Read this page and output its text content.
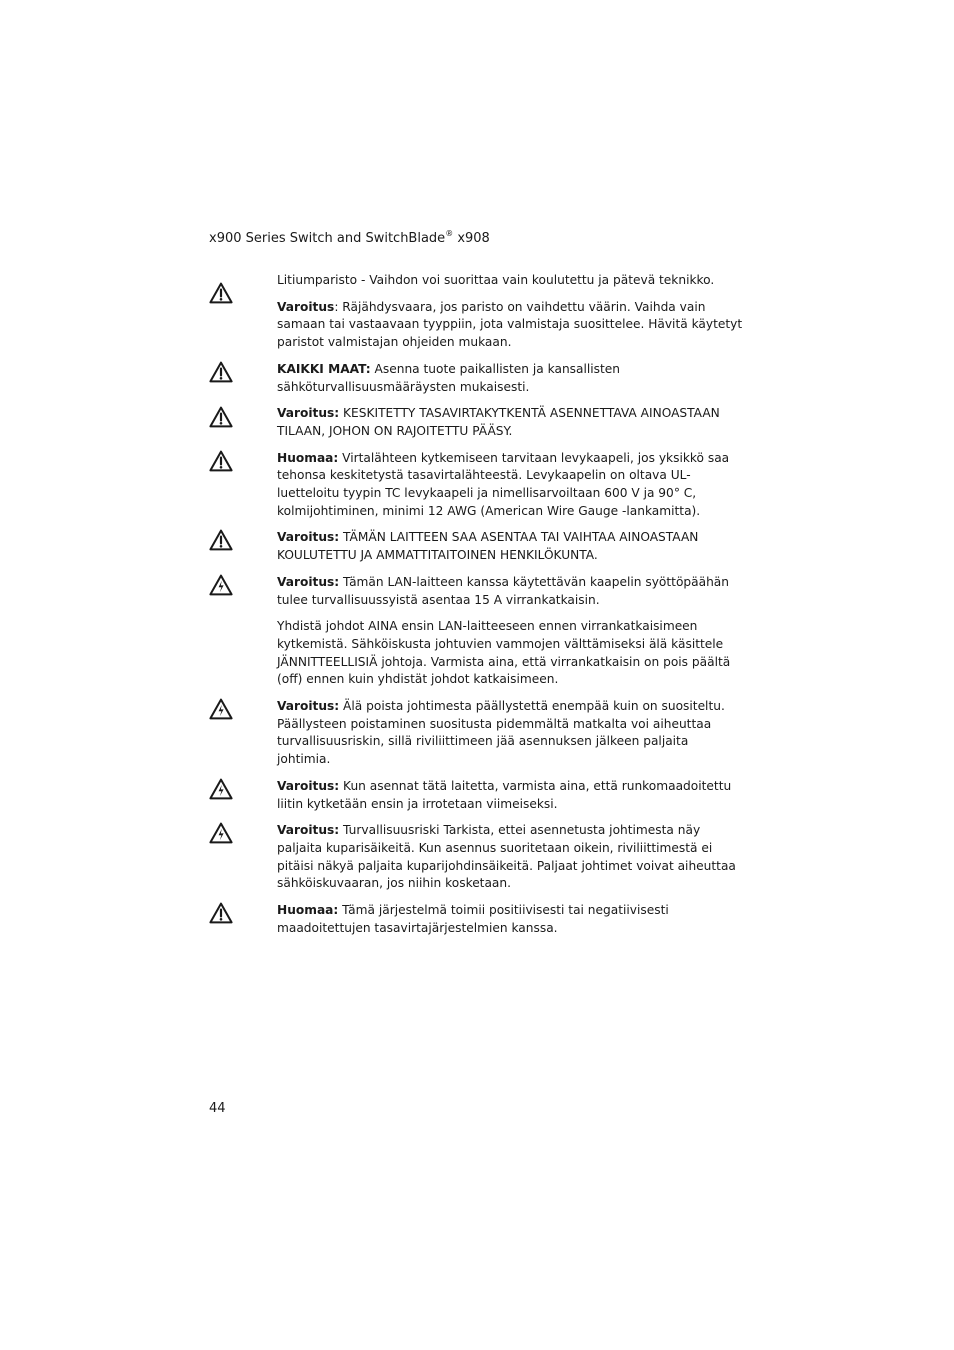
x900 Series Switch and SwitchBlade® x908

Litiumparisto - Vaihdon voi suorittaa vain koulutettu ja pätevä teknikko.

Varoitus: Räjähdysvaara, jos paristo on vaihdettu väärin. Vaihda vain samaan tai vastaavaan tyyppiin, jota valmistaja suosittelee. Hävitä käytetyt paristot valmistajan ohjeiden mukaan.

KAIKKI MAAT: Asenna tuote paikallisten ja kansallisten sähköturvallisuusmääräysten mukaisesti.

Varoitus: KESKITETTY TASAVIRTAKYTKENTÄ ASENNETTAVA AINOASTAAN TILAAN, JOHON ON RAJOITETTU PÄÄSY.

Huomaa: Virtalähteen kytkemiseen tarvitaan levykaapeli, jos yksikkö saa tehonsa keskitetystä tasavirtalähteestä. Levykaapelin on oltava UL-luetteloitu tyypin TC levykaapeli ja nimellisarvoiltaan 600 V ja 90° C, kolmijohtiminen, minimi 12 AWG (American Wire Gauge -lankamitta).

Varoitus: TÄMÄN LAITTEEN SAA ASENTAA TAI VAIHTAA AINOASTAAN KOULUTETTU JA AMMATTITAITOINEN HENKILÖKUNTA.

Varoitus: Tämän LAN-laitteen kanssa käytettävän kaapelin syöttöpäähän tulee turvallisuussyistä asentaa 15 A virrankatkaisin.

Yhdistä johdot AINA ensin LAN-laitteeseen ennen virrankatkaisimeen kytkemistä. Sähköiskusta johtuvien vammojen välttämiseksi älä käsittele JÄNNITTEELLISIÄ johtoja. Varmista aina, että virrankatkaisin on pois päältä (off) ennen kuin yhdistät johdot katkaisimeen.

Varoitus: Älä poista johtimesta päällystettä enempää kuin on suositeltu. Päällysteen poistaminen suositusta pidemmältä matkalta voi aiheuttaa turvallisuusriskin, sillä riviliittimeen jää asennuksen jälkeen paljaita johtimia.

Varoitus: Kun asennat tätä laitetta, varmista aina, että runkomaadoitettu liitin kytketään ensin ja irrotetaan viimeiseksi.

Varoitus: Turvallisuusriski Tarkista, ettei asennetusta johtimesta näy paljaita kuparisäikeitä. Kun asennus suoritetaan oikein, riviliittimestä ei pitäisi näkyä paljaita kuparijohdinsäikeitä. Paljaat johtimet voivat aiheuttaa sähköiskuvaaran, jos niihin kosketaan.

Huomaa: Tämä järjestelmä toimii positiivisesti tai negatiivisesti maadoitettujen tasavirtajärjestelmien kanssa.

44
